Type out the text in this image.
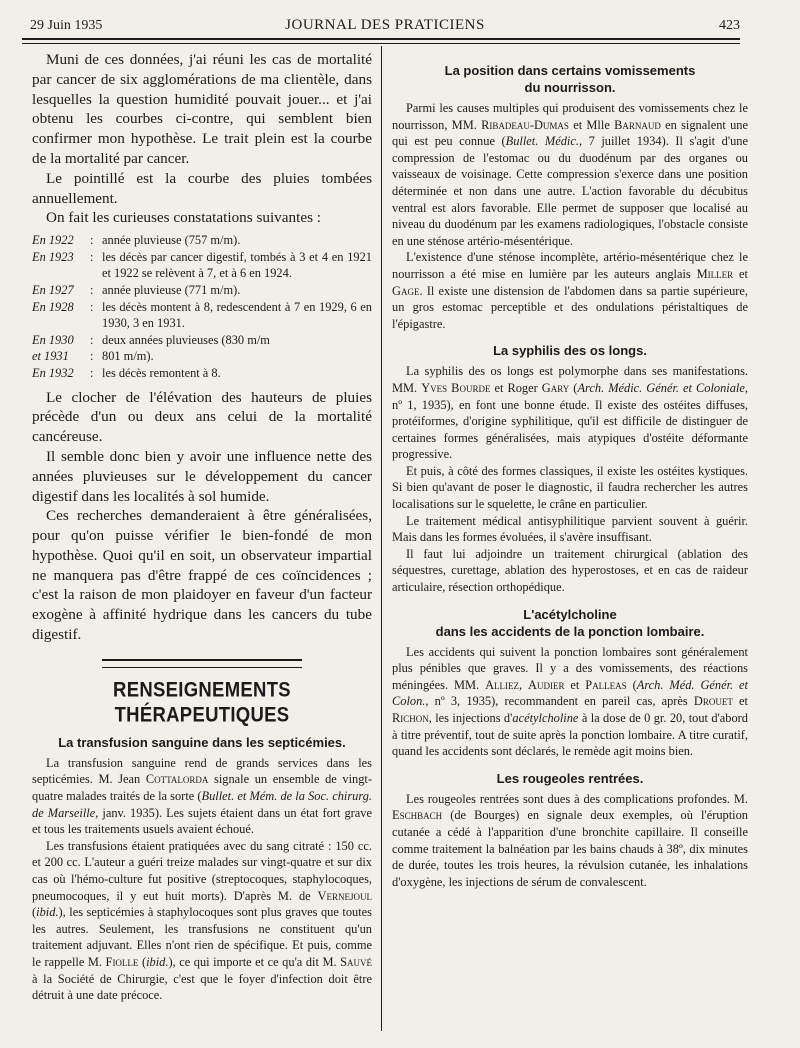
29 Juin 1935	JOURNAL DES PRATICIENS	423

Muni de ces données, j'ai réuni les cas de mortalité par cancer de six agglomérations de ma clientèle, dans lesquelles la question humidité pouvait jouer... et j'ai obtenu les courbes ci-contre, qui semblent bien confirmer mon hypothèse. Le trait plein est la courbe de la mortalité par cancer.

Le pointillé est la courbe des pluies tombées annuellement.

On fait les curieuses constatations suivantes :

En 1922	:	année pluvieuse (757 m/m).
En 1923	:	les décès par cancer digestif, tombés à 3 et 4 en 1921 et 1922 se relèvent à 7, et à 6 en 1924.
En 1927	:	année pluvieuse (771 m/m).
En 1928	:	les décès montent à 8, redescendent à 7 en 1929, 6 en 1930, 3 en 1931.
En 1930	:	deux années pluvieuses (830 m/m
et 1931	:	801 m/m).
En 1932	:	les décès remontent à 8.

Le clocher de l'élévation des hauteurs de pluies précède d'un ou deux ans celui de la mortalité cancéreuse.

Il semble donc bien y avoir une influence nette des années pluvieuses sur le développement du cancer digestif dans les localités à sol humide.

Ces recherches demanderaient à être généralisées, pour qu'on puisse vérifier le bien-fondé de mon hypothèse. Quoi qu'il en soit, un observateur impartial ne manquera pas d'être frappé de ces coïncidences ; c'est la raison de mon plaidoyer en faveur d'un facteur exogène à affinité hydrique dans les cancers du tube digestif.

RENSEIGNEMENTS THÉRAPEUTIQUES
La transfusion sanguine dans les septicémies.

La transfusion sanguine rend de grands services dans les septicémies. M. Jean Cottalorda signale un ensemble de vingt-quatre malades traités de la sorte (Bullet. et Mém. de la Soc. chirurg. de Marseille, janv. 1935). Les sujets étaient dans un état fort grave et tous les traitements usuels avaient échoué.

Les transfusions étaient pratiquées avec du sang citraté : 150 cc. et 200 cc. L'auteur a guéri treize malades sur vingt-quatre et sur dix cas où l'hémo-culture fut positive (streptocoques, staphylocoques, pneumocoques, il y eut huit morts). D'après M. de Vernejoul (ibid.), les septicémies à staphylocoques sont plus graves que toutes les autres. Seulement, les transfusions ne constituent qu'un traitement adjuvant. Elles n'ont rien de spécifique. Et puis, comme le rappelle M. Fiolle (ibid.), ce qui importe et ce qu'a dit M. Sauvé à la Société de Chirurgie, c'est que le foyer d'infection doit être détruit à une date précoce.

La position dans certains vomissements
du nourrisson.

Parmi les causes multiples qui produisent des vomissements chez le nourrisson, MM. Ribadeau-Dumas et Mlle Barnaud en signalent une qui est peu connue (Bullet. Médic., 7 juillet 1934). Il s'agit d'une compression de l'estomac ou du duodénum par des organes ou vaisseaux de voisinage. Cette compression s'exerce dans une position déterminée et non dans une autre. L'action favorable du décubitus ventral est alors favorable. Elle permet de supposer que localisé au niveau du duodénum par les examens radiologiques, l'obstacle consiste en une sténose artério-mésentérique.

L'existence d'une sténose incomplète, artério-mésentérique chez le nourrisson a été mise en lumière par les auteurs anglais Miller et Gage. Il existe une distension de l'abdomen dans sa partie supérieure, un gros estomac perceptible et des ondulations péristaltiques de l'épigastre.

La syphilis des os longs.

La syphilis des os longs est polymorphe dans ses manifestations. MM. Yves Bourde et Roger Gary (Arch. Médic. Génér. et Coloniale, nº 1, 1935), en font une bonne étude. Il existe des ostéites diffuses, protéiformes, d'origine syphilitique, qu'il est difficile de distinguer de certaines formes généralisées, mais atypiques d'ostéite déformante progressive.

Et puis, à côté des formes classiques, il existe les ostéites kystiques. Si bien qu'avant de poser le diagnostic, il faudra rechercher les autres localisations sur le squelette, le crâne en particulier.

Le traitement médical antisyphilitique parvient souvent à guérir. Mais dans les formes évoluées, il s'avère insuffisant.

Il faut lui adjoindre un traitement chirurgical (ablation des séquestres, curettage, ablation des hyperostoses, et en cas de raideur articulaire, résection orthopédique.

L'acétylcholine
dans les accidents de la ponction lombaire.

Les accidents qui suivent la ponction lombaires sont généralement plus pénibles que graves. Il y a des vomissements, des réactions méningées. MM. Alliez, Audier et Palleas (Arch. Méd. Génér. et Colon., nº 3, 1935), recommandent en pareil cas, après Drouet et Richon, les injections d'acétylcholine à la dose de 0 gr. 20, tout d'abord à titre préventif, tout de suite après la ponction lombaire. A titre curatif, quand les accidents sont déclarés, le remède agit moins bien.

Les rougeoles rentrées.

Les rougeoles rentrées sont dues à des complications profondes. M. Eschbach (de Bourges) en signale deux exemples, où l'éruption cutanée a cédé à l'apparition d'une bronchite capillaire. Il conseille comme traitement la balnéation par les bains chauds à 38º, dix minutes de durée, toutes les trois heures, la révulsion cutanée, les inhalations d'oxygène, les injections de sérum de convalescent.
